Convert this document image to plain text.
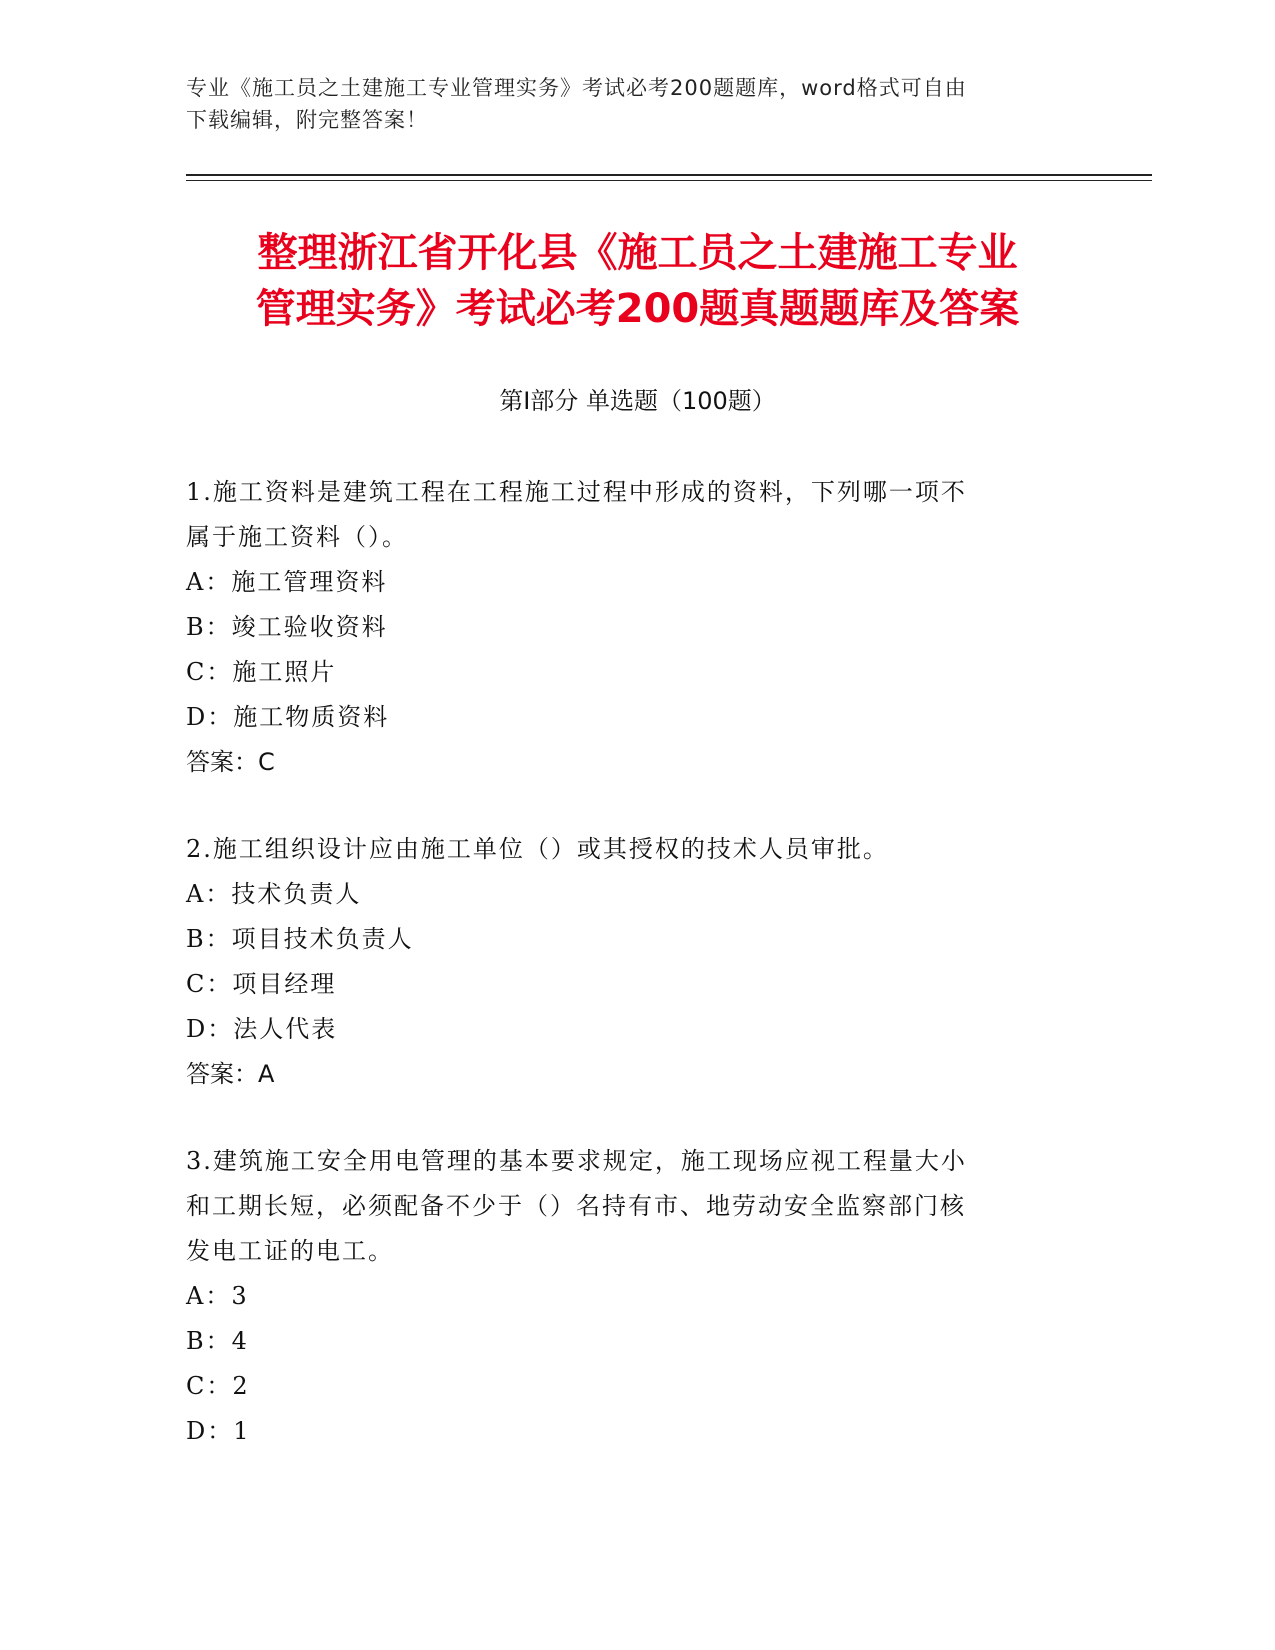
专业《施工员之土建施工专业管理实务》考试必考200题题库，word格式可自由
下载编辑，附完整答案！
整理浙江省开化县《施工员之土建施工专业
管理实务》考试必考200题真题题库及答案
第Ⅰ部分 单选题（100题）
1.施工资料是建筑工程在工程施工过程中形成的资料，下列哪一项不
属于施工资料（）。
A：施工管理资料
B：竣工验收资料
C：施工照片
D：施工物质资料
答案：C
2.施工组织设计应由施工单位（）或其授权的技术人员审批。
A：技术负责人
B：项目技术负责人
C：项目经理
D：法人代表
答案：A
3.建筑施工安全用电管理的基本要求规定，施工现场应视工程量大小
和工期长短，必须配备不少于（）名持有市、地劳动安全监察部门核
发电工证的电工。
A：3
B：4
C：2
D：1
